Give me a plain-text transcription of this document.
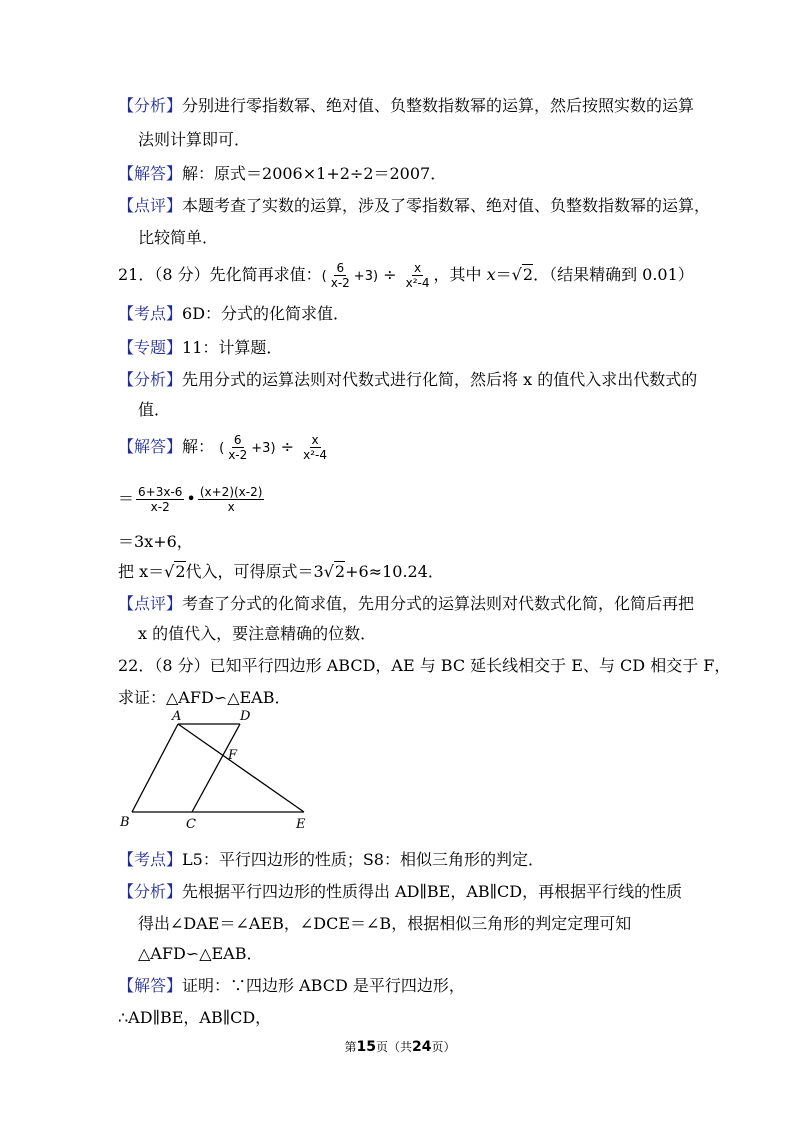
【分析】分别进行零指数幂、绝对值、负整数指数幂的运算，然后按照实数的运算
法则计算即可．
【解答】解：原式＝2006×1+2÷2＝2007．
【点评】本题考查了实数的运算，涉及了零指数幂、绝对值、负整数指数幂的运算，
比较简单．
21．（8 分）先化简再求值：( $\frac{6}{x-2} +3) \div \frac{x}{\text{x²-4}}$ ，其中 x＝√2．（结果精确到 0.01）
【考点】6D：分式的化简求值．
【专题】11：计算题．
【分析】先用分式的运算法则对代数式进行化简，然后将 x 的值代入求出代数式的
值．
【解答】解： ( $\frac{6}{x-2} +3) \div \frac{x}{\text{x²-4}}$
＝ $\frac{6+3x-6}{x-2}$ • $\frac{(x+2)(x-2)}{x}$
＝3x+6，
把 x＝√2代入，可得原式＝3√2+6≈10.24．
【点评】考查了分式的化简求值，先用分式的运算法则对代数式化简，化简后再把
x 的值代入，要注意精确的位数．
22．（8 分）已知平行四边形 ABCD，AE 与 BC 延长线相交于 E、与 CD 相交于 F，
求证：△AFD∽△EAB．
A	D
F
B	C	E
【考点】L5：平行四边形的性质；S8：相似三角形的判定．
【分析】先根据平行四边形的性质得出 AD∥BE，AB∥CD，再根据平行线的性质
得出∠DAE＝∠AEB，∠DCE＝∠B，根据相似三角形的判定定理可知
△AFD∽△EAB．
【解答】证明：∵四边形 ABCD 是平行四边形，
∴AD∥BE，AB∥CD，
第15页（共24页）
